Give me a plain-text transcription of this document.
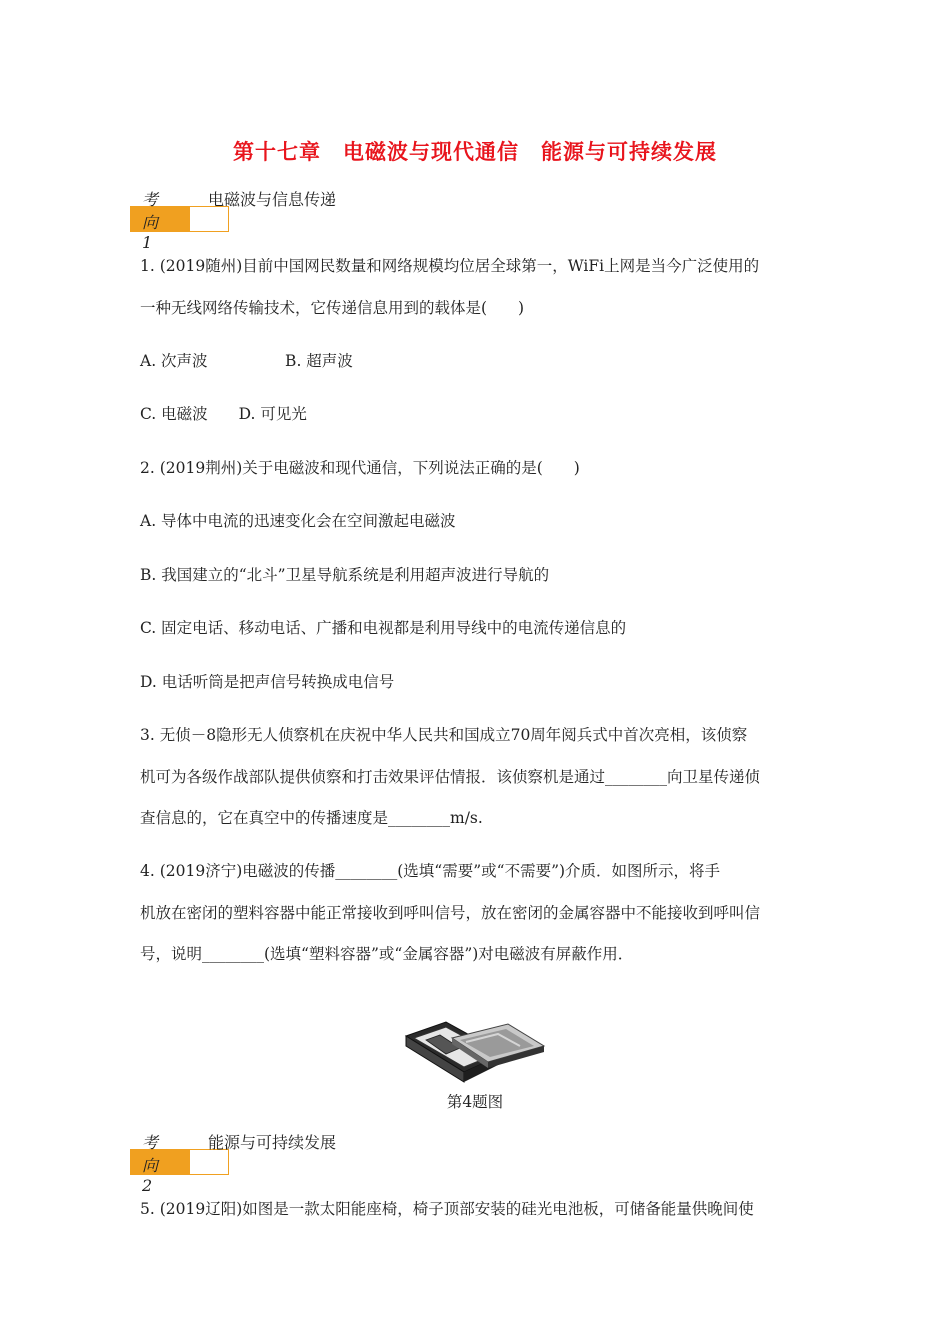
第十七章　电磁波与现代通信　能源与可持续发展
考向1
电磁波与信息传递
1. (2019随州)目前中国网民数量和网络规模均位居全球第一，WiFi上网是当今广泛使用的
一种无线网络传输技术，它传递信息用到的载体是(　　)
A. 次声波　　　　　B. 超声波
C. 电磁波　　D. 可见光
2. (2019荆州)关于电磁波和现代通信，下列说法正确的是(　　)
A. 导体中电流的迅速变化会在空间激起电磁波
B. 我国建立的“北斗”卫星导航系统是利用超声波进行导航的
C. 固定电话、移动电话、广播和电视都是利用导线中的电流传递信息的
D. 电话听筒是把声信号转换成电信号
3. 无侦－8隐形无人侦察机在庆祝中华人民共和国成立70周年阅兵式中首次亮相，该侦察
机可为各级作战部队提供侦察和打击效果评估情报．该侦察机是通过________向卫星传递侦
查信息的，它在真空中的传播速度是________m/s.
4. (2019济宁)电磁波的传播________(选填“需要”或“不需要”)介质．如图所示，将手
机放在密闭的塑料容器中能正常接收到呼叫信号，放在密闭的金属容器中不能接收到呼叫信
号，说明________(选填“塑料容器”或“金属容器”)对电磁波有屏蔽作用．
第4题图
考向2
能源与可持续发展
5. (2019辽阳)如图是一款太阳能座椅，椅子顶部安装的硅光电池板，可储备能量供晚间使
